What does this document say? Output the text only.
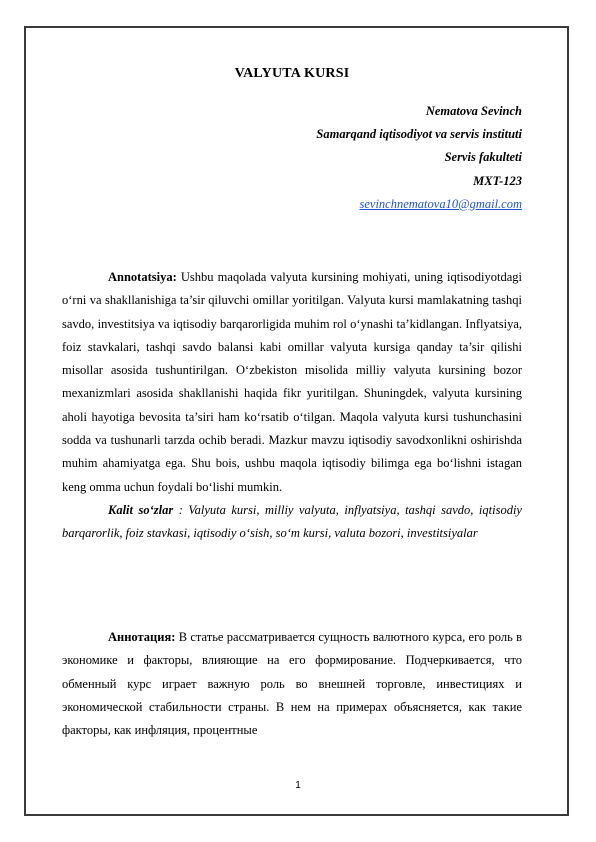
VALYUTA KURSI
Nematova Sevinch
Samarqand iqtisodiyot va servis instituti
Servis fakulteti
MXT-123
sevinchnematova10@gmail.com

Annotatsiya: Ushbu maqolada valyuta kursining mohiyati, uning iqtisodiyotdagi o‘rni va shakllanishiga ta’sir qiluvchi omillar yoritilgan. Valyuta kursi mamlakatning tashqi savdo, investitsiya va iqtisodiy barqarorligida muhim rol o‘ynashi ta’kidlangan. Inflyatsiya, foiz stavkalari, tashqi savdo balansi kabi omillar valyuta kursiga qanday ta’sir qilishi misollar asosida tushuntirilgan. O‘zbekiston misolida milliy valyuta kursining bozor mexanizmlari asosida shakllanishi haqida fikr yuritilgan. Shuningdek, valyuta kursining aholi hayotiga bevosita ta’siri ham ko‘rsatib o‘tilgan. Maqola valyuta kursi tushunchasini sodda va tushunarli tarzda ochib beradi. Mazkur mavzu iqtisodiy savodxonlikni oshirishda muhim ahamiyatga ega. Shu bois, ushbu maqola iqtisodiy bilimga ega bo‘lishni istagan keng omma uchun foydali bo‘lishi mumkin.

Kalit so‘zlar : Valyuta kursi, milliy valyuta, inflyatsiya, tashqi savdo, iqtisodiy barqarorlik, foiz stavkasi, iqtisodiy o‘sish, so‘m kursi, valuta bozori, investitsiyalar

Аннотация: В статье рассматривается сущность валютного курса, его роль в экономике и факторы, влияющие на его формирование. Подчеркивается, что обменный курс играет важную роль во внешней торговле, инвестициях и экономической стабильности страны. В нем на примерах объясняется, как такие факторы, как инфляция, процентные

1
